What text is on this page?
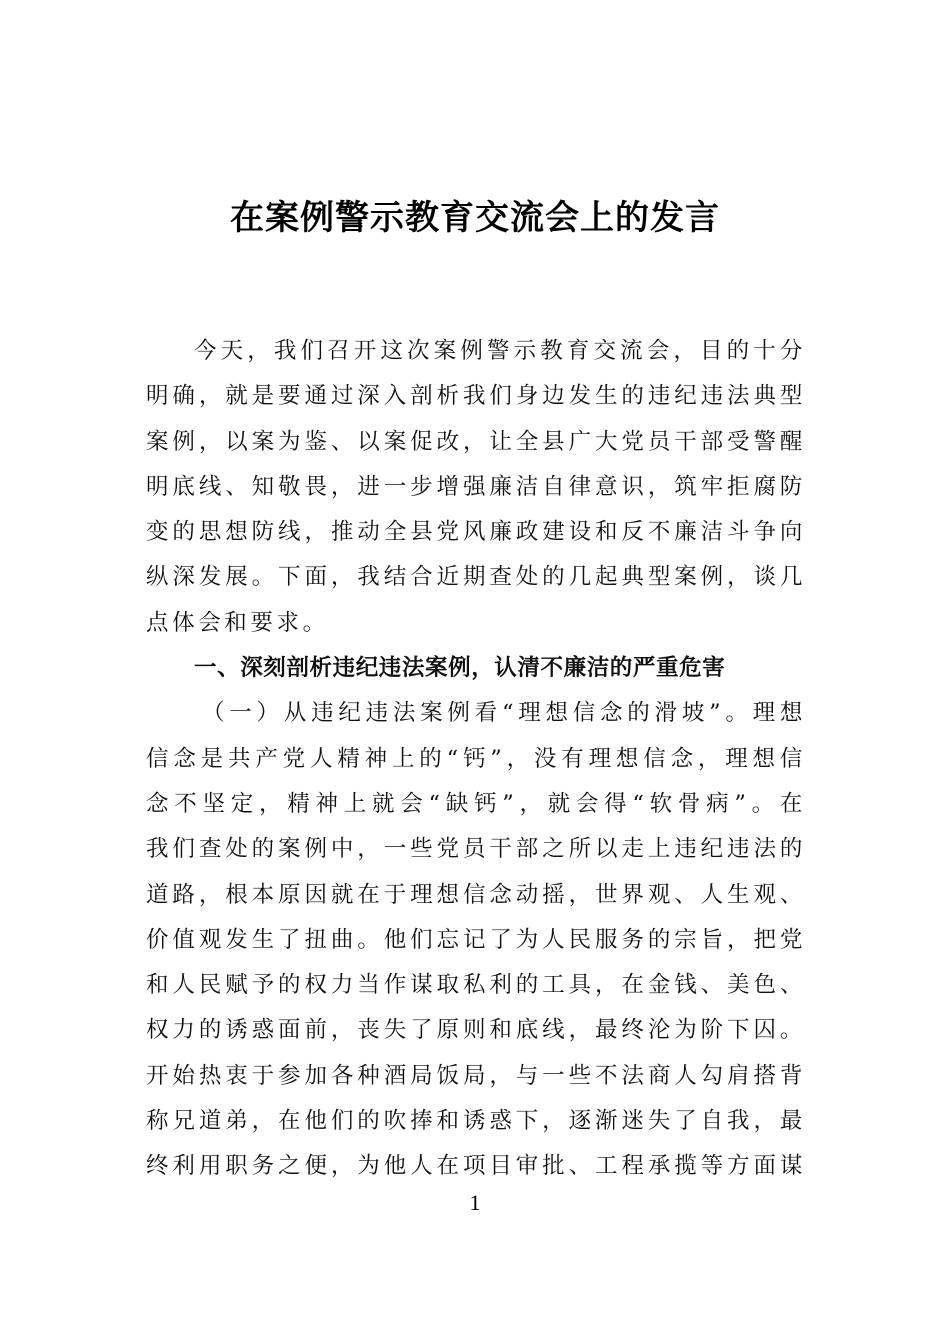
在案例警示教育交流会上的发言
今天，我们召开这次案例警示教育交流会，目的十分
明确，就是要通过深入剖析我们身边发生的违纪违法典型
案例，以案为鉴、以案促改，让全县广大党员干部受警醒
明底线、知敬畏，进一步增强廉洁自律意识，筑牢拒腐防
变的思想防线，推动全县党风廉政建设和反不廉洁斗争向
纵深发展。下面，我结合近期查处的几起典型案例，谈几
点体会和要求。
一、深刻剖析违纪违法案例，认清不廉洁的严重危害
（一）从违纪违法案例看“理想信念的滑坡”。理想
信念是共产党人精神上的“钙”，没有理想信念，理想信
念不坚定，精神上就会“缺钙”，就会得“软骨病”。在
我们查处的案例中，一些党员干部之所以走上违纪违法的
道路，根本原因就在于理想信念动摇，世界观、人生观、
价值观发生了扭曲。他们忘记了为人民服务的宗旨，把党
和人民赋予的权力当作谋取私利的工具，在金钱、美色、
权力的诱惑面前，丧失了原则和底线，最终沦为阶下囚。
开始热衷于参加各种酒局饭局，与一些不法商人勾肩搭背
称兄道弟，在他们的吹捧和诱惑下，逐渐迷失了自我，最
终利用职务之便，为他人在项目审批、工程承揽等方面谋
1
